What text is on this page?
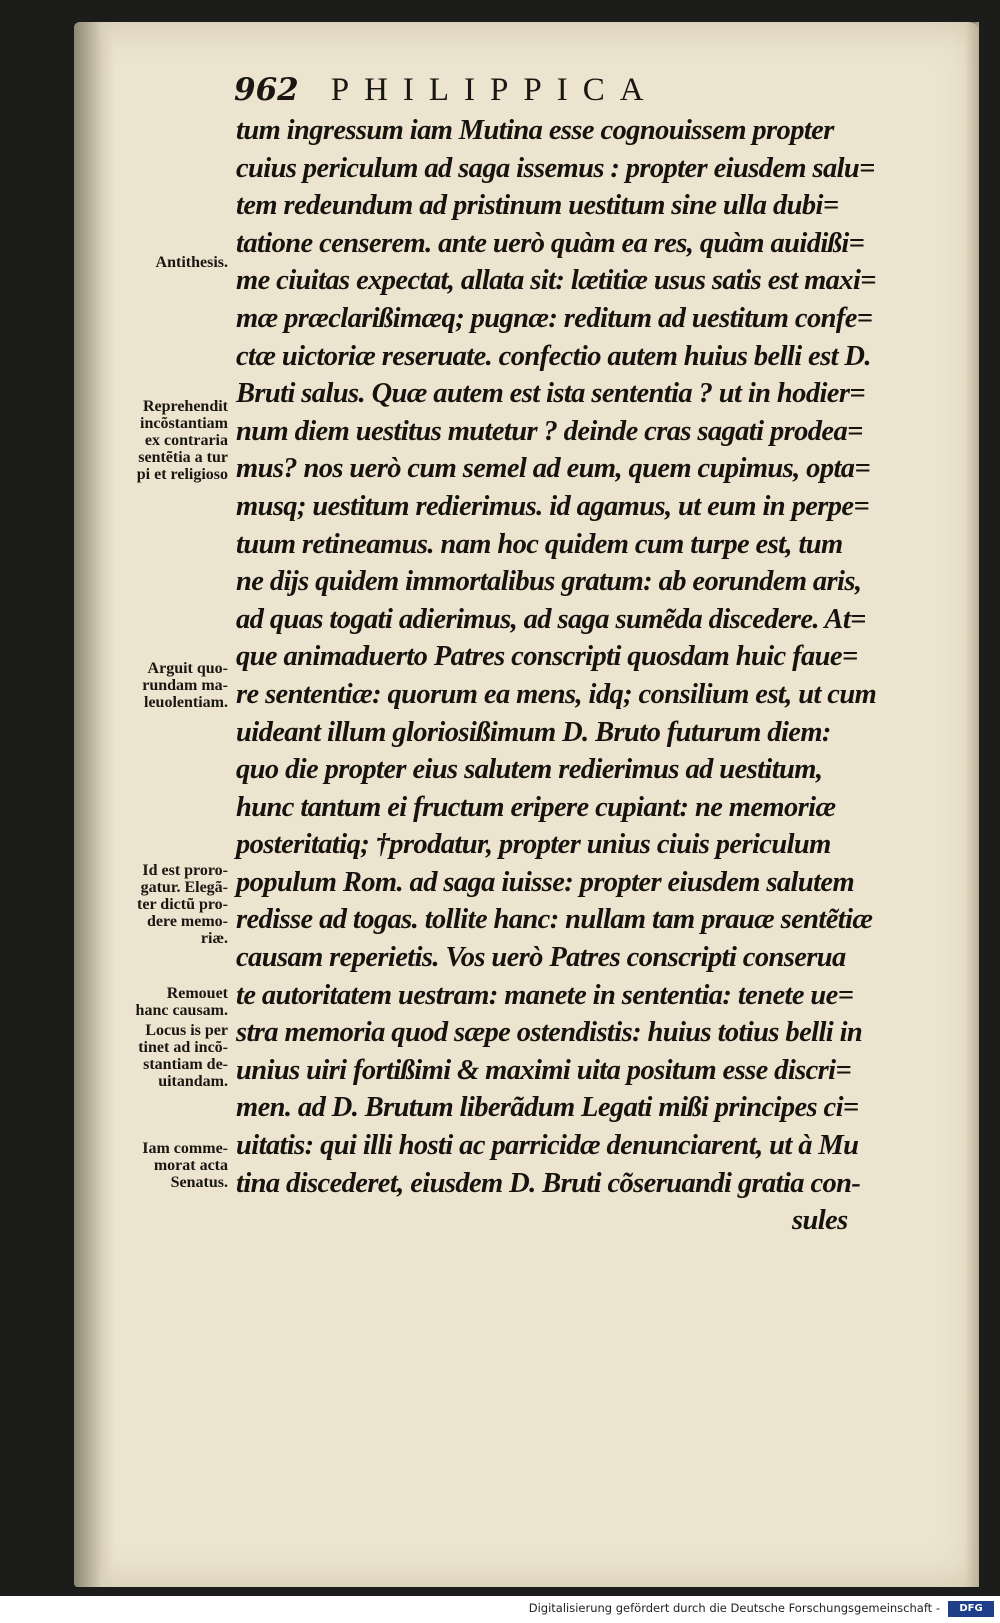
962 PHILIPPICA
tum ingressum iam Mutina esse cognouissem propter
cuius periculum ad saga issemus : propter eiusdem salu=
tem redeundum ad pristinum uestitum sine ulla dubi=
tatione censerem. ante uerò quàm ea res, quàm auidißi=
me ciuitas expectat, allata sit: lætitiæ usus satis est maxi=
mæ præclarißimæq; pugnæ: reditum ad uestitum confe=
ctæ uictoriæ reseruate. confectio autem huius belli est D.
Bruti salus. Quæ autem est ista sententia ? ut in hodier=
num diem uestitus mutetur ? deinde cras sagati prodea=
mus? nos uerò cum semel ad eum, quem cupimus, opta=
musq; uestitum redierimus. id agamus, ut eum in perpe=
tuum retineamus. nam hoc quidem cum turpe est, tum
ne dijs quidem immortalibus gratum: ab eorundem aris,
ad quas togati adierimus, ad saga sumẽda discedere. At=
que animaduerto Patres conscripti quosdam huic faue=
re sententiæ: quorum ea mens, idq; consilium est, ut cum
uideant illum gloriosißimum D. Bruto futurum diem:
quo die propter eius salutem redierimus ad uestitum,
hunc tantum ei fructum eripere cupiant: ne memoriæ
posteritatiq; †prodatur, propter unius ciuis periculum
populum Rom. ad saga iuisse: propter eiusdem salutem
redisse ad togas. tollite hanc: nullam tam prauæ sentẽtiæ
causam reperietis. Vos uerò Patres conscripti conserua
te autoritatem uestram: manete in sententia: tenete ue=
stra memoria quod sæpe ostendistis: huius totius belli in
unius uiri fortißimi & maximi uita positum esse discri=
men. ad D. Brutum liberãdum Legati mißi principes ci=
uitatis: qui illi hosti ac parricidæ denunciarent, ut à Mu
tina discederet, eiusdem D. Bruti cõseruandi gratia con-
sules
Antithesis.
Reprehendit
incõstantiam
ex contraria
sentẽtia a tur
pi et religioso
Arguit quo-
rundam ma-
leuolentiam.
Id est proro-
gatur. Elegã-
ter dictũ pro-
dere memo-
riæ.
Remouet
hanc causam.
Locus is per
tinet ad incõ-
stantiam de-
uitandam.
Iam comme-
morat acta
Senatus.
Digitalisierung gefördert durch die Deutsche Forschungsgemeinschaft -	DFG
